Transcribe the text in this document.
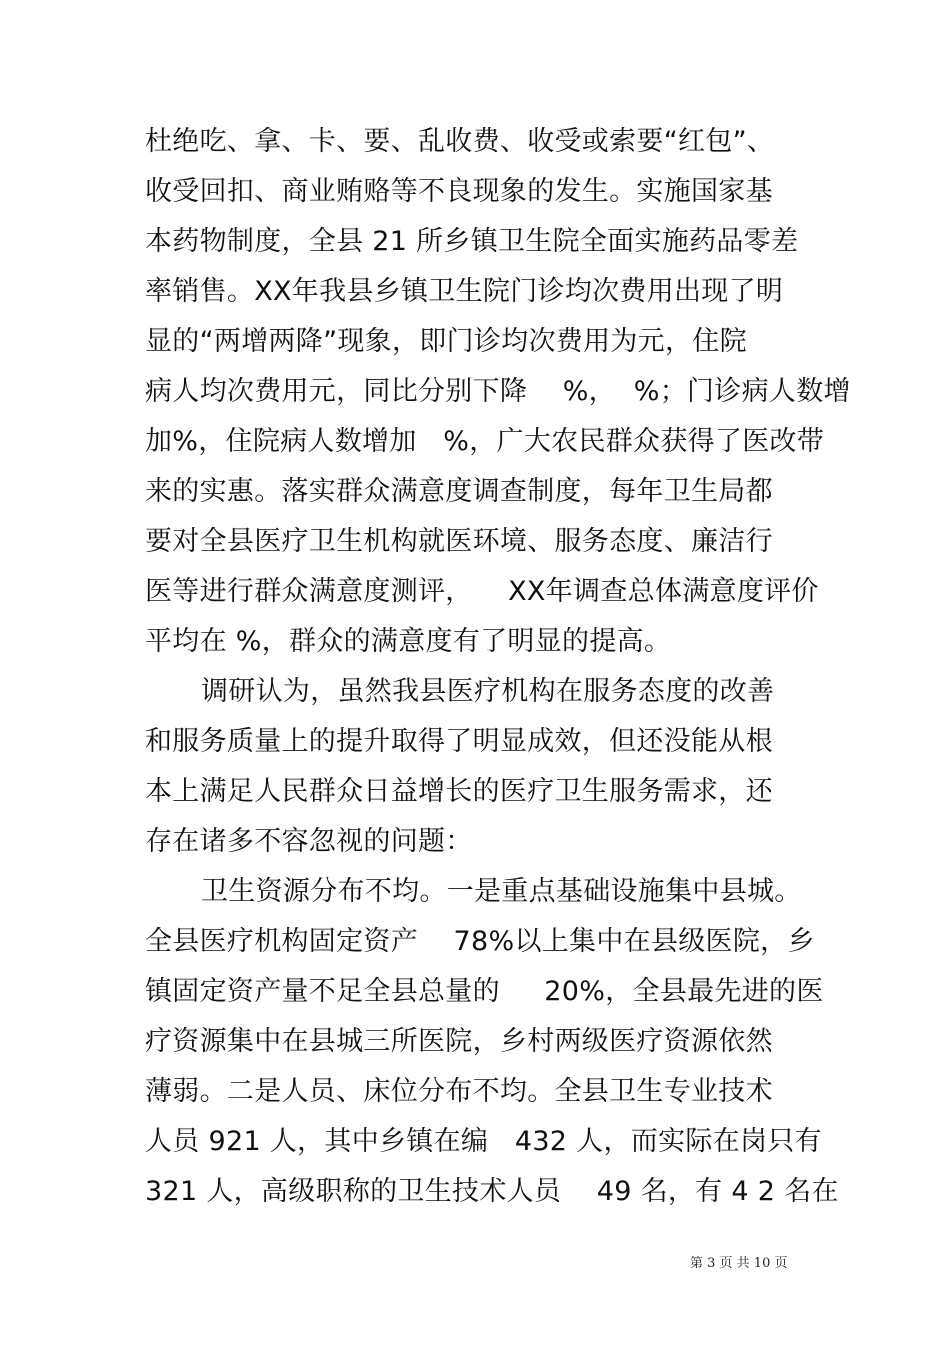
杜绝吃、拿、卡、要、乱收费、收受或索要“红包”、
收受回扣、商业贿赂等不良现象的发生。实施国家基
本药物制度，全县 21 所乡镇卫生院全面实施药品零差
率销售。XX年我县乡镇卫生院门诊均次费用出现了明
显的“两增两降”现象，即门诊均次费用为元，住院
病人均次费用元，同比分别下降    %，  %；门诊病人数增
加%，住院病人数增加   %，广大农民群众获得了医改带
来的实惠。落实群众满意度调查制度，每年卫生局都
要对全县医疗卫生机构就医环境、服务态度、廉洁行
医等进行群众满意度测评，    XX年调查总体满意度评价
平均在 %，群众的满意度有了明显的提高。
调研认为，虽然我县医疗机构在服务态度的改善
和服务质量上的提升取得了明显成效，但还没能从根
本上满足人民群众日益增长的医疗卫生服务需求，还
存在诸多不容忽视的问题：
卫生资源分布不均。一是重点基础设施集中县城。
全县医疗机构固定资产    78%以上集中在县级医院，乡
镇固定资产量不足全县总量的     20%，全县最先进的医
疗资源集中在县城三所医院，乡村两级医疗资源依然
薄弱。二是人员、床位分布不均。全县卫生专业技术
人员 921 人，其中乡镇在编   432 人，而实际在岗只有
321 人，高级职称的卫生技术人员    49 名，有 4 2 名在
第 3 页 共 10 页
